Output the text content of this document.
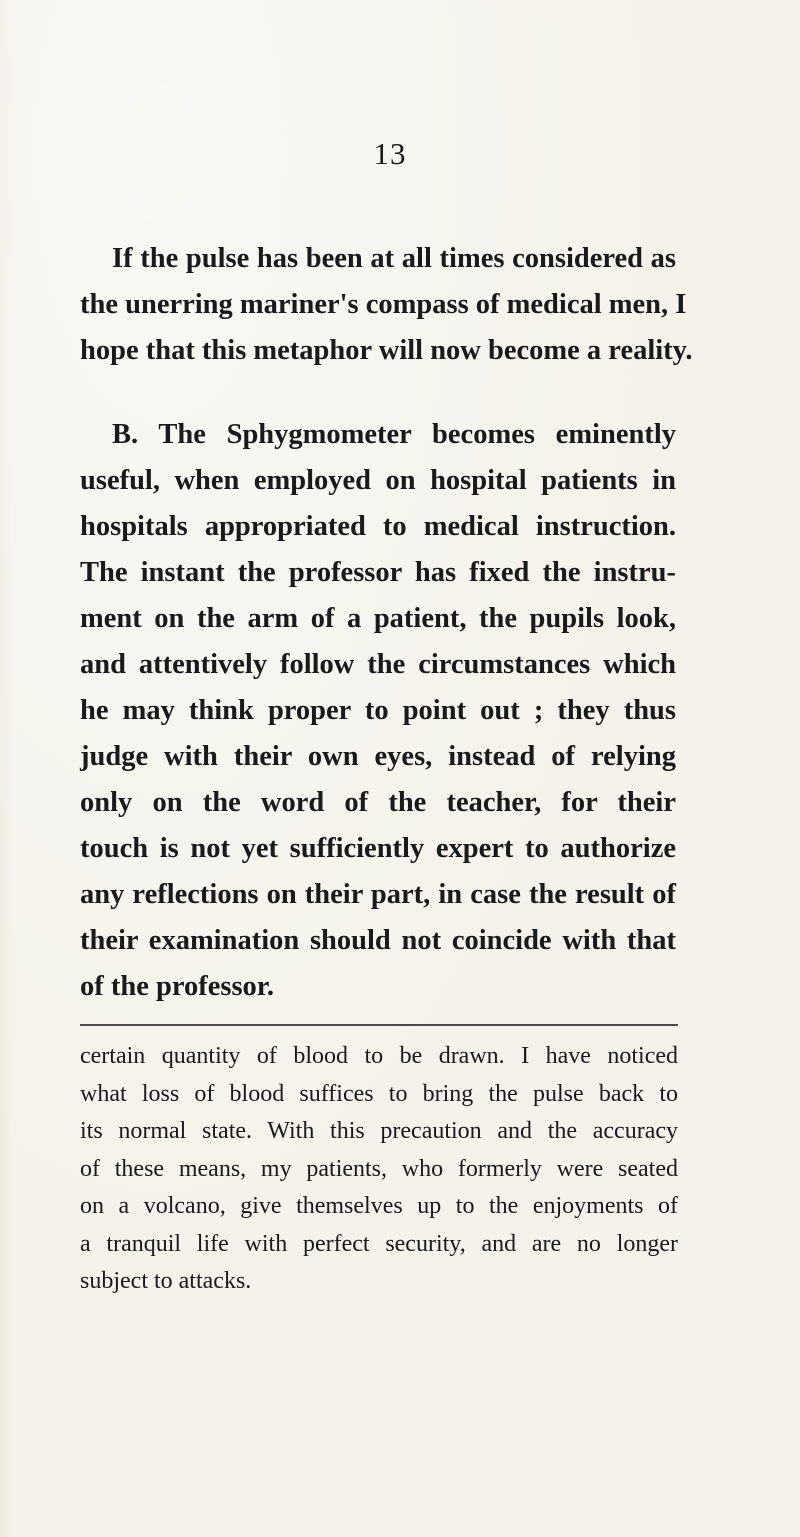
13
If the pulse has been at all times considered as
the unerring mariner's compass of medical men, I
hope that this metaphor will now become a reality.
B. The Sphygmometer becomes eminently
useful, when employed on hospital patients in
hospitals appropriated to medical instruction.
The instant the professor has fixed the instru-
ment on the arm of a patient, the pupils look,
and attentively follow the circumstances which
he may think proper to point out ; they thus
judge with their own eyes, instead of relying
only on the word of the teacher, for their
touch is not yet sufficiently expert to authorize
any reflections on their part, in case the result of
their examination should not coincide with that
of the professor.
certain quantity of blood to be drawn. I have noticed
what loss of blood suffices to bring the pulse back to
its normal state. With this precaution and the accuracy
of these means, my patients, who formerly were seated
on a volcano, give themselves up to the enjoyments of
a tranquil life with perfect security, and are no longer
subject to attacks.
